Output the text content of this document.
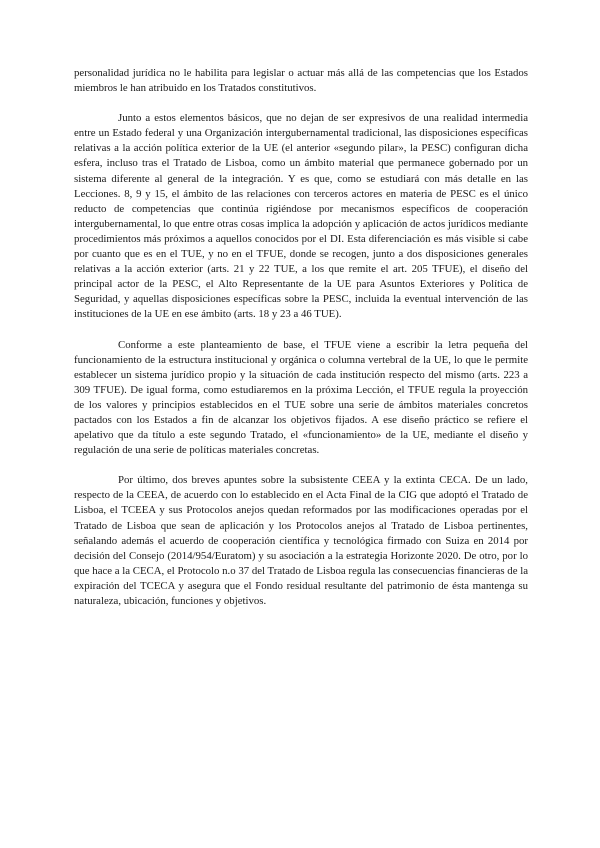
personalidad jurídica no le habilita para legislar o actuar más allá de las competencias que los Estados miembros le han atribuido en los Tratados constitutivos.

Junto a estos elementos básicos, que no dejan de ser expresivos de una realidad intermedia entre un Estado federal y una Organización intergubernamental tradicional, las disposiciones específicas relativas a la acción política exterior de la UE (el anterior «segundo pilar», la PESC) configuran dicha esfera, incluso tras el Tratado de Lisboa, como un ámbito material que permanece gobernado por un sistema diferente al general de la integración. Y es que, como se estudiará con más detalle en las Lecciones. 8, 9 y 15, el ámbito de las relaciones con terceros actores en materia de PESC es el único reducto de competencias que continúa rigiéndose por mecanismos específicos de cooperación intergubernamental, lo que entre otras cosas implica la adopción y aplicación de actos jurídicos mediante procedimientos más próximos a aquellos conocidos por el DI. Esta diferenciación es más visible si cabe por cuanto que es en el TUE, y no en el TFUE, donde se recogen, junto a dos disposiciones generales relativas a la acción exterior (arts. 21 y 22 TUE, a los que remite el art. 205 TFUE), el diseño del principal actor de la PESC, el Alto Representante de la UE para Asuntos Exteriores y Política de Seguridad, y aquellas disposiciones específicas sobre la PESC, incluida la eventual intervención de las instituciones de la UE en ese ámbito (arts. 18 y 23 a 46 TUE).

Conforme a este planteamiento de base, el TFUE viene a escribir la letra pequeña del funcionamiento de la estructura institucional y orgánica o columna vertebral de la UE, lo que le permite establecer un sistema jurídico propio y la situación de cada institución respecto del mismo (arts. 223 a 309 TFUE). De igual forma, como estudiaremos en la próxima Lección, el TFUE regula la proyección de los valores y principios establecidos en el TUE sobre una serie de ámbitos materiales concretos pactados con los Estados a fin de alcanzar los objetivos fijados. A ese diseño práctico se refiere el apelativo que da título a este segundo Tratado, el «funcionamiento» de la UE, mediante el diseño y regulación de una serie de políticas materiales concretas.

Por último, dos breves apuntes sobre la subsistente CEEA y la extinta CECA. De un lado, respecto de la CEEA, de acuerdo con lo establecido en el Acta Final de la CIG que adoptó el Tratado de Lisboa, el TCEEA y sus Protocolos anejos quedan reformados por las modificaciones operadas por el Tratado de Lisboa que sean de aplicación y los Protocolos anejos al Tratado de Lisboa pertinentes, señalando además el acuerdo de cooperación científica y tecnológica firmado con Suiza en 2014 por decisión del Consejo (2014/954/Euratom) y su asociación a la estrategia Horizonte 2020. De otro, por lo que hace a la CECA, el Protocolo n.o 37 del Tratado de Lisboa regula las consecuencias financieras de la expiración del TCECA y asegura que el Fondo residual resultante del patrimonio de ésta mantenga su naturaleza, ubicación, funciones y objetivos.
